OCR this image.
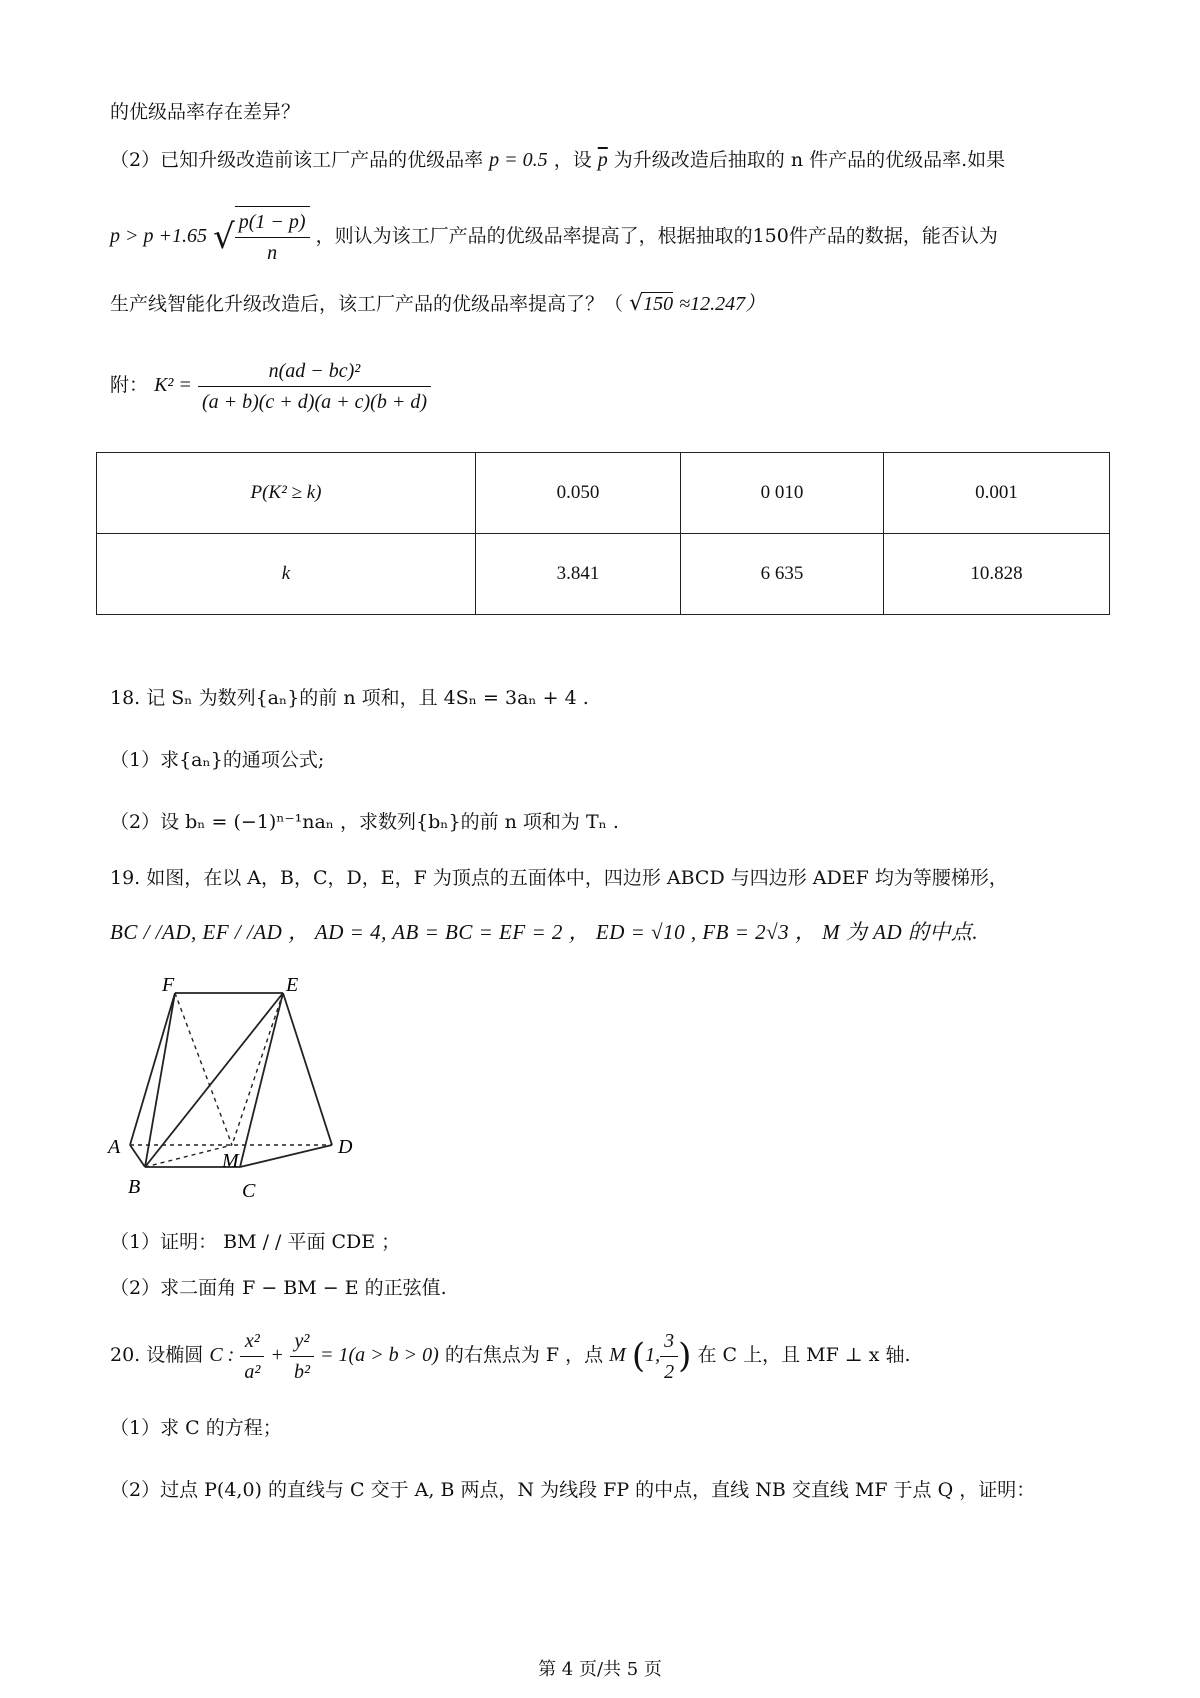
的优级品率存在差异？
（2）已知升级改造前该工厂产品的优级品率 p = 0.5 ，设 $\overline{p}$ 为升级改造后抽取的 n 件产品的优级品率.如果
p > p +1.65 √ $\frac{p(1 - p)}{n}$ ，则认为该工厂产品的优级品率提高了，根据抽取的150件产品的数据，能否认为
生产线智能化升级改造后，该工厂产品的优级品率提高了？（ √150 ≈12.247）
附： $K^2 = \frac{\text{n(ad − bc)²}}{(a + b)(c + d)(a + c)(b + d)}$
P(K² ≥ k)	0.050	0 010	0.001
k	3.841	6 635	10.828
18. 记 Sₙ 为数列{aₙ}的前 n 项和，且 4Sₙ = 3aₙ + 4 .
（1）求{aₙ}的通项公式;
（2）设 bₙ = (−1)ⁿ⁻¹naₙ ，求数列{bₙ}的前 n 项和为 Tₙ .
19. 如图，在以 A，B，C，D，E，F 为顶点的五面体中，四边形 ABCD 与四边形 ADEF 均为等腰梯形，
BC / /AD, EF / /AD ， AD = 4, AB = BC = EF = 2 ， ED = √10 , FB = 2√3 ， M 为 AD 的中点.
F	E
A	D
M
B	C
（1）证明： BM / / 平面 CDE ；
（2）求二面角 F − BM − E 的正弦值.
20. 设椭圆 C : $\frac{\text{x²}}{\text{a²}} + \frac{\text{y²}}{\text{b²}} = 1(a > b > 0)$ 的右焦点为 F ，点 M (1, $\frac{3}{2}$ ) 在 C 上，且 MF ⊥ x 轴.
（1）求 C 的方程；
（2）过点 P(4,0) 的直线与 C 交于 A, B 两点，N 为线段 FP 的中点，直线 NB 交直线 MF 于点 Q ，证明：
第 4 页/共 5 页
